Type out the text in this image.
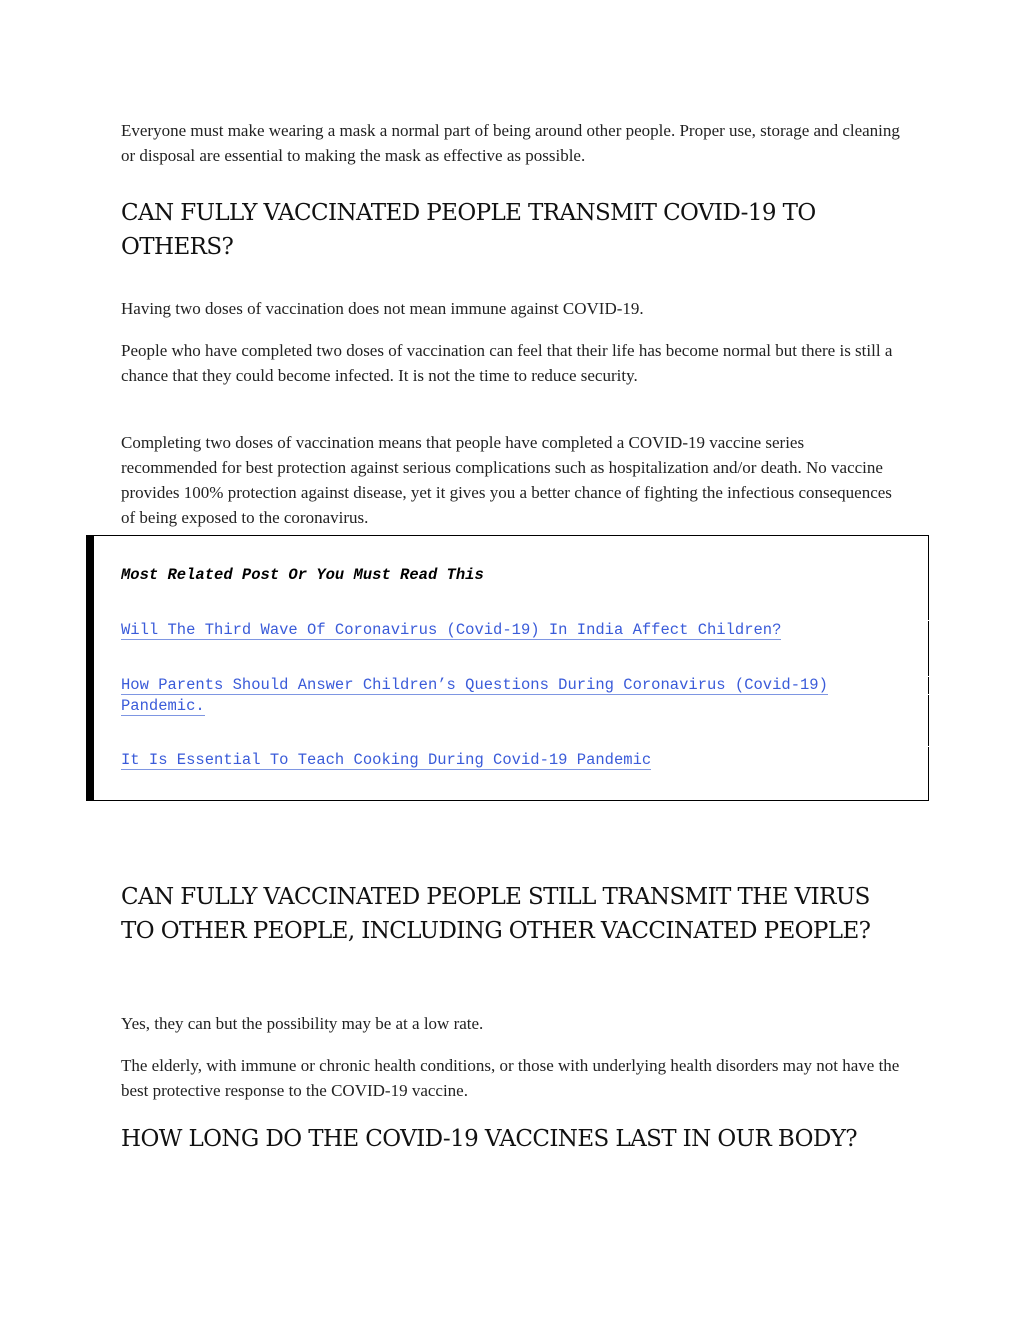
Everyone must make wearing a mask a normal part of being around other people. Proper use, storage and cleaning or disposal are essential to making the mask as effective as possible.

CAN FULLY VACCINATED PEOPLE TRANSMIT COVID-19 TO OTHERS?

Having two doses of vaccination does not mean immune against COVID-19.

People who have completed two doses of vaccination can feel that their life has become normal but there is still a chance that they could become infected. It is not the time to reduce security.

Completing two doses of vaccination means that people have completed a COVID-19 vaccine series recommended for best protection against serious complications such as hospitalization and/or death. No vaccine provides 100% protection against disease, yet it gives you a better chance of fighting the infectious consequences of being exposed to the coronavirus.

Most Related Post Or You Must Read This

Will The Third Wave Of Coronavirus (Covid-19) In India Affect Children?
How Parents Should Answer Children’s Questions During Coronavirus (Covid-19) Pandemic.
It Is Essential To Teach Cooking During Covid-19 Pandemic
CAN FULLY VACCINATED PEOPLE STILL TRANSMIT THE VIRUS TO OTHER PEOPLE, INCLUDING OTHER VACCINATED PEOPLE?

Yes, they can but the possibility may be at a low rate.

The elderly, with immune or chronic health conditions, or those with underlying health disorders may not have the best protective response to the COVID-19 vaccine.

HOW LONG DO THE COVID-19 VACCINES LAST IN OUR BODY?
